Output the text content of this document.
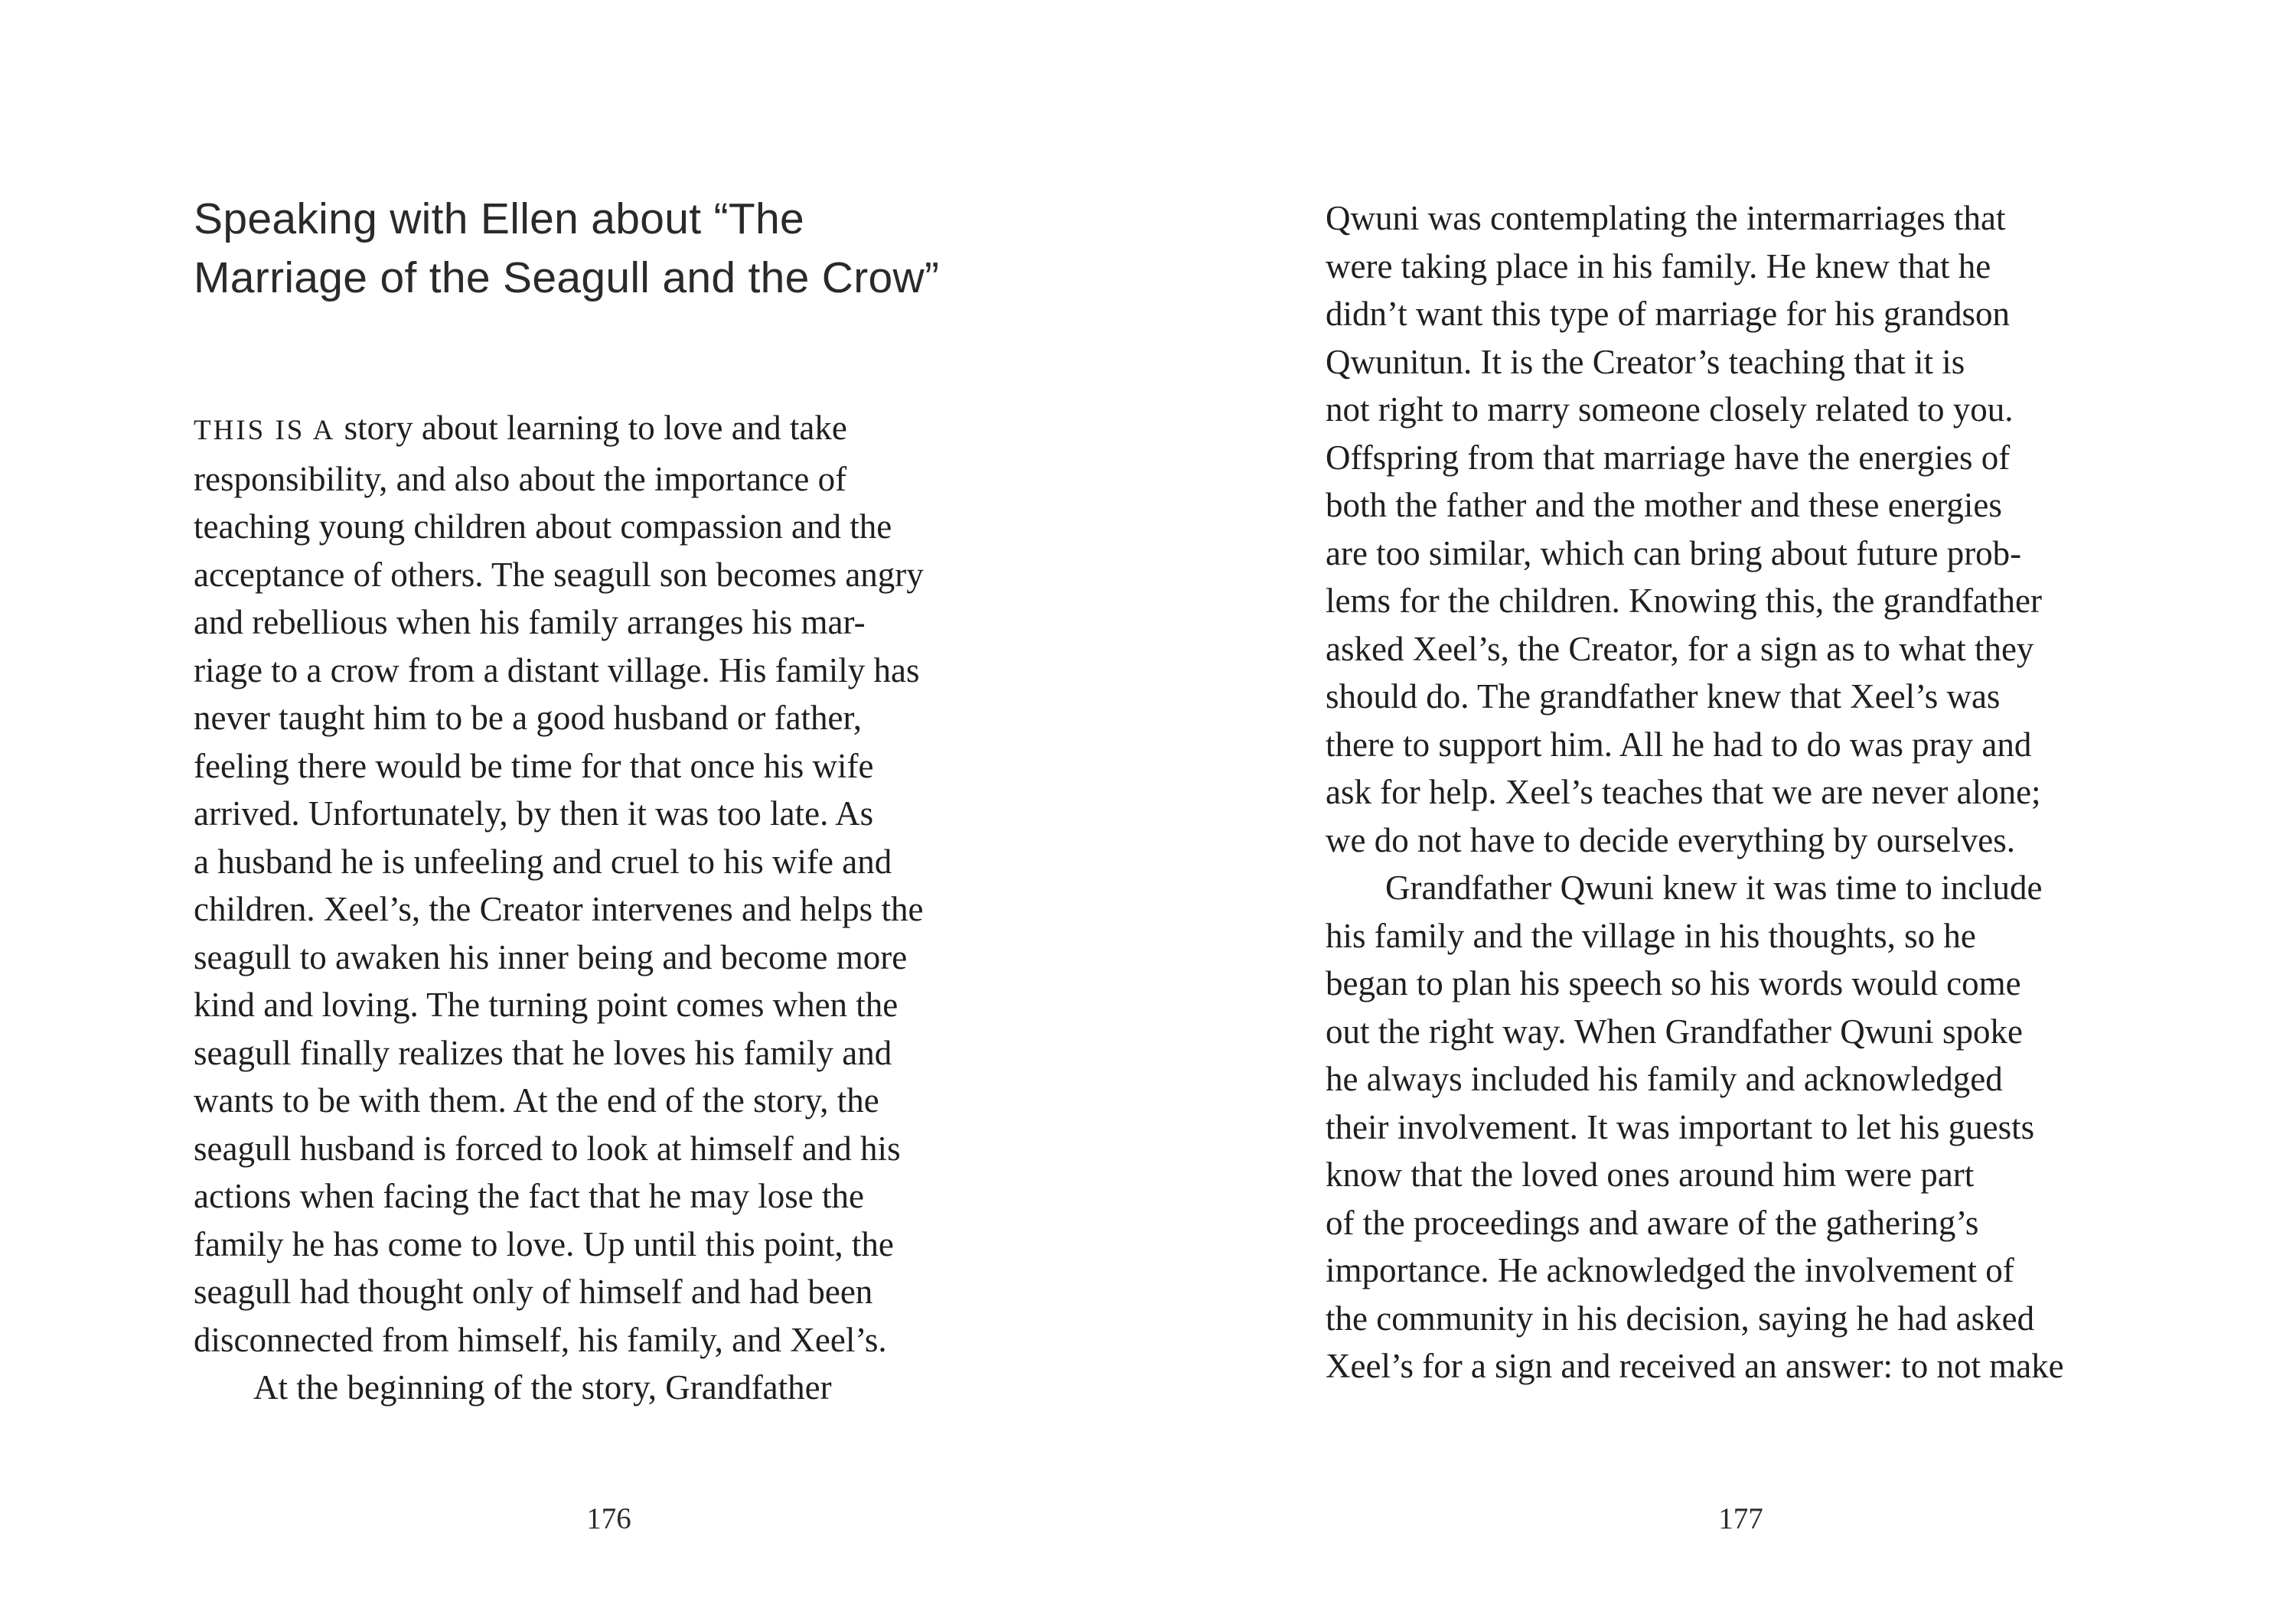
Speaking with Ellen about “The
Marriage of the Seagull and the Crow”
THIS IS A story about learning to love and take
responsibility, and also about the importance of
teaching young children about compassion and the
acceptance of others. The seagull son becomes angry
and rebellious when his family arranges his mar-
riage to a crow from a distant village. His family has
never taught him to be a good husband or father,
feeling there would be time for that once his wife
arrived. Unfortunately, by then it was too late. As
a husband he is unfeeling and cruel to his wife and
children. Xeel’s, the Creator intervenes and helps the
seagull to awaken his inner being and become more
kind and loving. The turning point comes when the
seagull finally realizes that he loves his family and
wants to be with them. At the end of the story, the
seagull husband is forced to look at himself and his
actions when facing the fact that he may lose the
family he has come to love. Up until this point, the
seagull had thought only of himself and had been
disconnected from himself, his family, and Xeel’s.
At the beginning of the story, Grandfather
176
Qwuni was contemplating the intermarriages that
were taking place in his family. He knew that he
didn’t want this type of marriage for his grandson
Qwunitun. It is the Creator’s teaching that it is
not right to marry someone closely related to you.
Offspring from that marriage have the energies of
both the father and the mother and these energies
are too similar, which can bring about future prob-
lems for the children. Knowing this, the grandfather
asked Xeel’s, the Creator, for a sign as to what they
should do. The grandfather knew that Xeel’s was
there to support him. All he had to do was pray and
ask for help. Xeel’s teaches that we are never alone;
we do not have to decide everything by ourselves.
Grandfather Qwuni knew it was time to include
his family and the village in his thoughts, so he
began to plan his speech so his words would come
out the right way. When Grandfather Qwuni spoke
he always included his family and acknowledged
their involvement. It was important to let his guests
know that the loved ones around him were part
of the proceedings and aware of the gathering’s
importance. He acknowledged the involvement of
the community in his decision, saying he had asked
Xeel’s for a sign and received an answer: to not make
177
